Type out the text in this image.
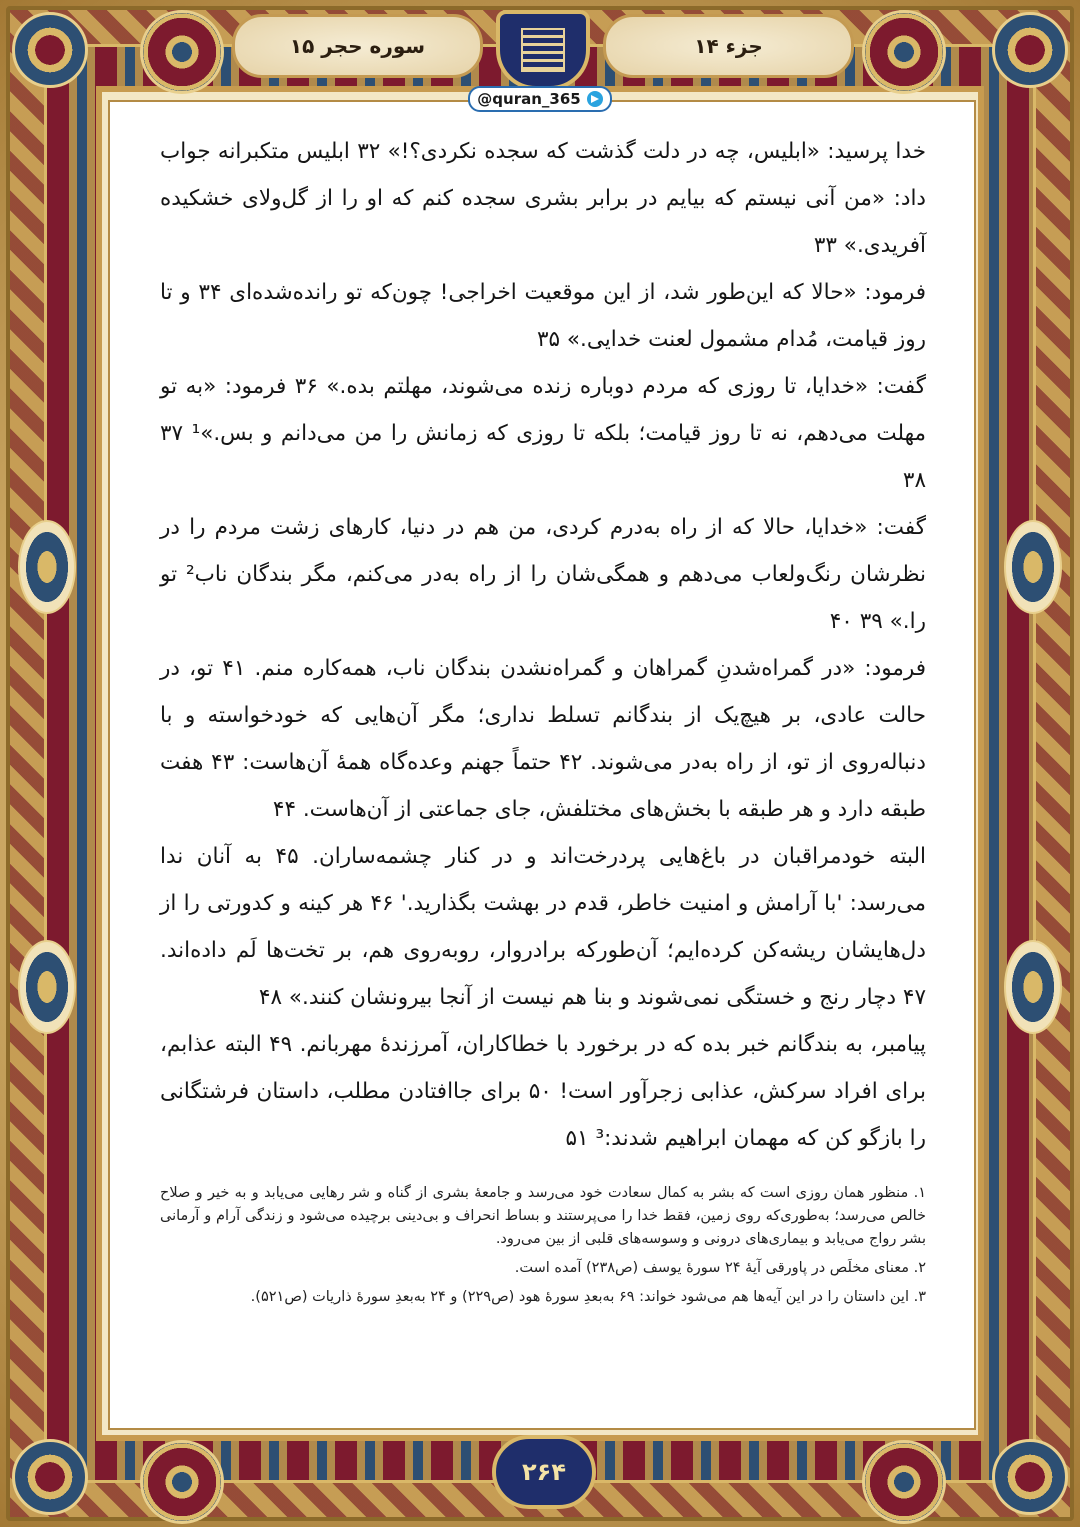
سوره حجر ۱۵	جزء ۱۴
@quran_365

خدا پرسید: «ابلیس، چه در دلت گذشت که سجده نکردی؟!» ۳۲ ابلیس متکبرانه جواب داد: «من آنی نیستم که بیایم در برابر بشری سجده کنم که او را از گل‌ولای خشکیده آفریدی.» ۳۳

فرمود: «حالا که این‌طور شد، از این موقعیت اخراجی! چون‌که تو رانده‌شده‌ای ۳۴ و تا روز قیامت، مُدام مشمول لعنت خدایی.» ۳۵

گفت: «خدایا، تا روزی که مردم دوباره زنده می‌شوند، مهلتم بده.» ۳۶ فرمود: «به تو مهلت می‌دهم، نه تا روز قیامت؛ بلکه تا روزی که زمانش را من می‌دانم و بس.»¹ ۳۷ ۳۸

گفت: «خدایا، حالا که از راه به‌درم کردی، من هم در دنیا، کارهای زشت مردم را در نظرشان رنگ‌ولعاب می‌دهم و همگی‌شان را از راه به‌در می‌کنم، مگر بندگان ناب² تو را.» ۳۹ ۴۰

فرمود: «در گمراه‌شدنِ گمراهان و گمراه‌نشدن بندگان ناب، همه‌کاره منم. ۴۱ تو، در حالت عادی، بر هیچ‌یک از بندگانم تسلط نداری؛ مگر آن‌هایی که خودخواسته و با دنباله‌روی از تو، از راه به‌در می‌شوند. ۴۲ حتماً جهنم وعده‌گاه همهٔ آن‌هاست: ۴۳ هفت طبقه دارد و هر طبقه با بخش‌های مختلفش، جای جماعتی از آن‌هاست. ۴۴

البته خودمراقبان در باغ‌هایی پردرخت‌اند و در کنار چشمه‌ساران. ۴۵ به آنان ندا می‌رسد: 'با آرامش و امنیت خاطر، قدم در بهشت بگذارید.' ۴۶ هر کینه و کدورتی را از دل‌هایشان ریشه‌کن کرده‌ایم؛ آن‌طورکه برادروار، روبه‌روی هم، بر تخت‌ها لَم داده‌اند. ۴۷ دچار رنج و خستگی نمی‌شوند و بنا هم نیست از آنجا بیرونشان کنند.» ۴۸

پیامبر، به بندگانم خبر بده که در برخورد با خطاکاران، آمرزندهٔ مهربانم. ۴۹ البته عذابم، برای افراد سرکش، عذابی زجرآور است! ۵۰ برای جاافتادن مطلب، داستان فرشتگانی را بازگو کن که مهمان ابراهیم شدند:³ ۵۱

۱. منظور همان روزی است که بشر به کمال سعادت خود می‌رسد و جامعهٔ بشری از گناه و شر رهایی می‌یابد و به خیر و صلاح خالص می‌رسد؛ به‌طوری‌که روی زمین، فقط خدا را می‌پرستند و بساط انحراف و بی‌دینی برچیده می‌شود و زندگی آرام و آرمانی بشر رواج می‌یابد و بیماری‌های درونی و وسوسه‌های قلبی از بین می‌رود.

۲. معنای مخلَص در پاورقی آیهٔ ۲۴ سورهٔ یوسف (ص۲۳۸) آمده است.

۳. این داستان را در این آیه‌ها هم می‌شود خواند: ۶۹ به‌بعدِ سورهٔ هود (ص۲۲۹) و ۲۴ به‌بعدِ سورهٔ ذاریات (ص۵۲۱).

۲۶۴
